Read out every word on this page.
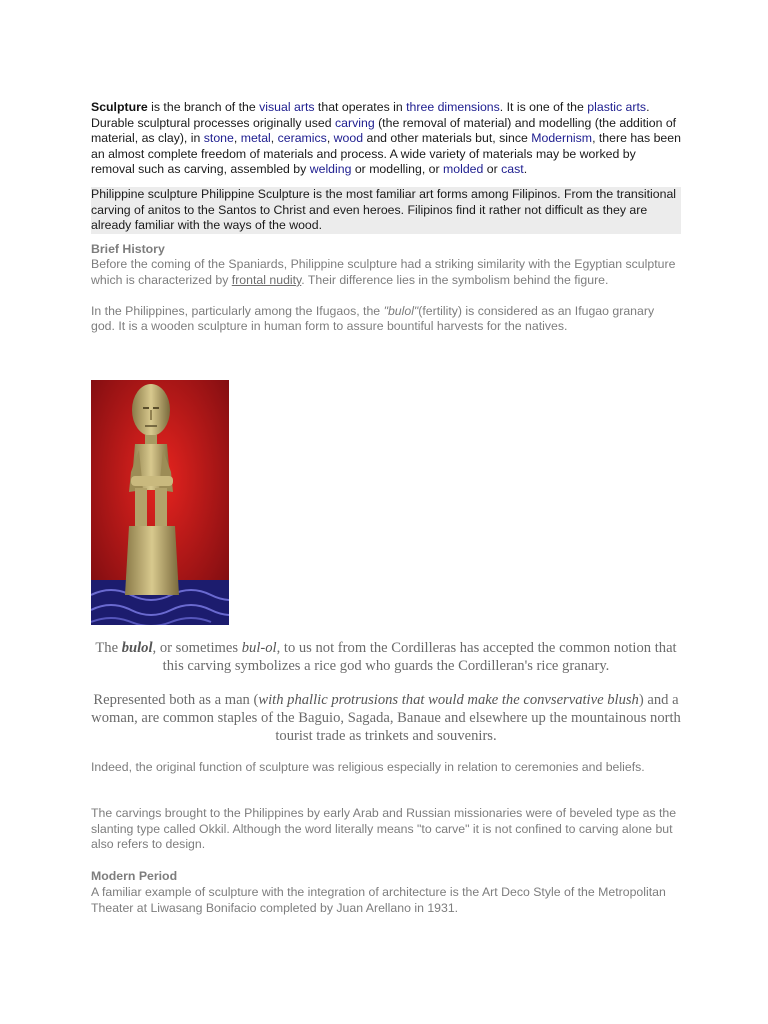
Sculpture is the branch of the visual arts that operates in three dimensions. It is one of the plastic arts. Durable sculptural processes originally used carving (the removal of material) and modelling (the addition of material, as clay), in stone, metal, ceramics, wood and other materials but, since Modernism, there has been an almost complete freedom of materials and process. A wide variety of materials may be worked by removal such as carving, assembled by welding or modelling, or molded or cast.

Philippine sculpture Philippine Sculpture is the most familiar art forms among Filipinos. From the transitional carving of anitos to the Santos to Christ and even heroes. Filipinos find it rather not difficult as they are already familiar with the ways of the wood.

Brief History

Before the coming of the Spaniards, Philippine sculpture had a striking similarity with the Egyptian sculpture which is characterized by frontal nudity. Their difference lies in the symbolism behind the figure.

In the Philippines, particularly among the Ifugaos, the "bulol"(fertility) is considered as an Ifugao granary god. It is a wooden sculpture in human form to assure bountiful harvests for the natives.

The bulol, or sometimes bul-ol, to us not from the Cordilleras has accepted the common notion that this carving symbolizes a rice god who guards the Cordilleran's rice granary.

Represented both as a man (with phallic protrusions that would make the convservative blush) and a woman, are common staples of the Baguio, Sagada, Banaue and elsewhere up the mountainous north tourist trade as trinkets and souvenirs.

Indeed, the original function of sculpture was religious especially in relation to ceremonies and beliefs.

The carvings brought to the Philippines by early Arab and Russian missionaries were of beveled type as the slanting type called Okkil. Although the word literally means "to carve" it is not confined to carving alone but also refers to design.

Modern Period

A familiar example of sculpture with the integration of architecture is the Art Deco Style of the Metropolitan Theater at Liwasang Bonifacio completed by Juan Arellano in 1931.
